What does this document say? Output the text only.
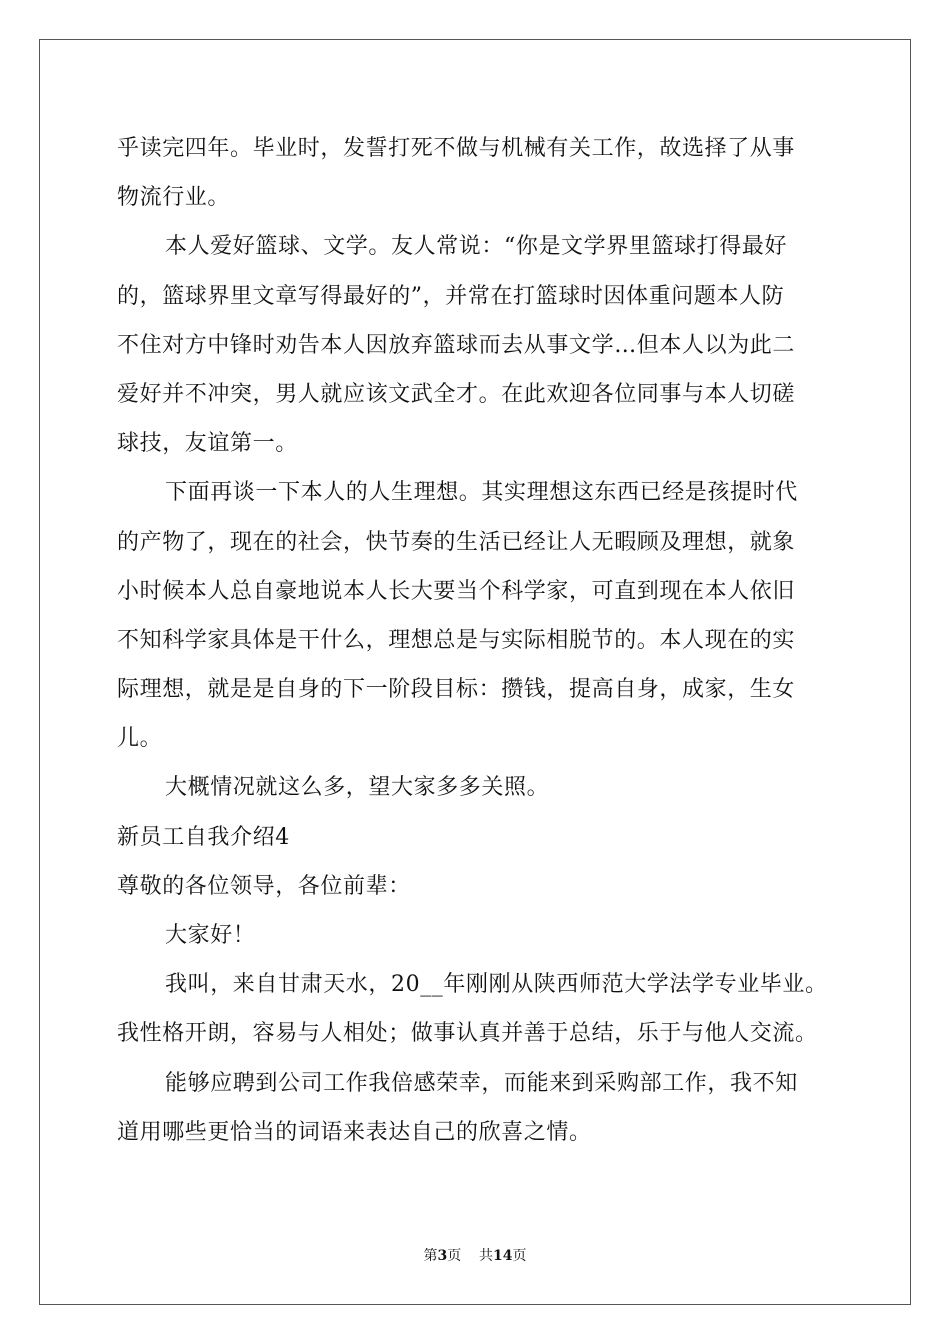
乎读完四年。毕业时，发誓打死不做与机械有关工作，故选择了从事
物流行业。
本人爱好篮球、文学。友人常说：“你是文学界里篮球打得最好
的，篮球界里文章写得最好的”，并常在打篮球时因体重问题本人防
不住对方中锋时劝告本人因放弃篮球而去从事文学…但本人以为此二
爱好并不冲突，男人就应该文武全才。在此欢迎各位同事与本人切磋
球技，友谊第一。
下面再谈一下本人的人生理想。其实理想这东西已经是孩提时代
的产物了，现在的社会，快节奏的生活已经让人无暇顾及理想，就象
小时候本人总自豪地说本人长大要当个科学家，可直到现在本人依旧
不知科学家具体是干什么，理想总是与实际相脱节的。本人现在的实
际理想，就是是自身的下一阶段目标：攒钱，提高自身，成家，生女
儿。
大概情况就这么多，望大家多多关照。
新员工自我介绍4
尊敬的各位领导，各位前辈：
大家好！
我叫，来自甘肃天水，20__年刚刚从陕西师范大学法学专业毕业。
我性格开朗，容易与人相处；做事认真并善于总结，乐于与他人交流。
能够应聘到公司工作我倍感荣幸，而能来到采购部工作，我不知
道用哪些更恰当的词语来表达自己的欣喜之情。
第3页 共14页
